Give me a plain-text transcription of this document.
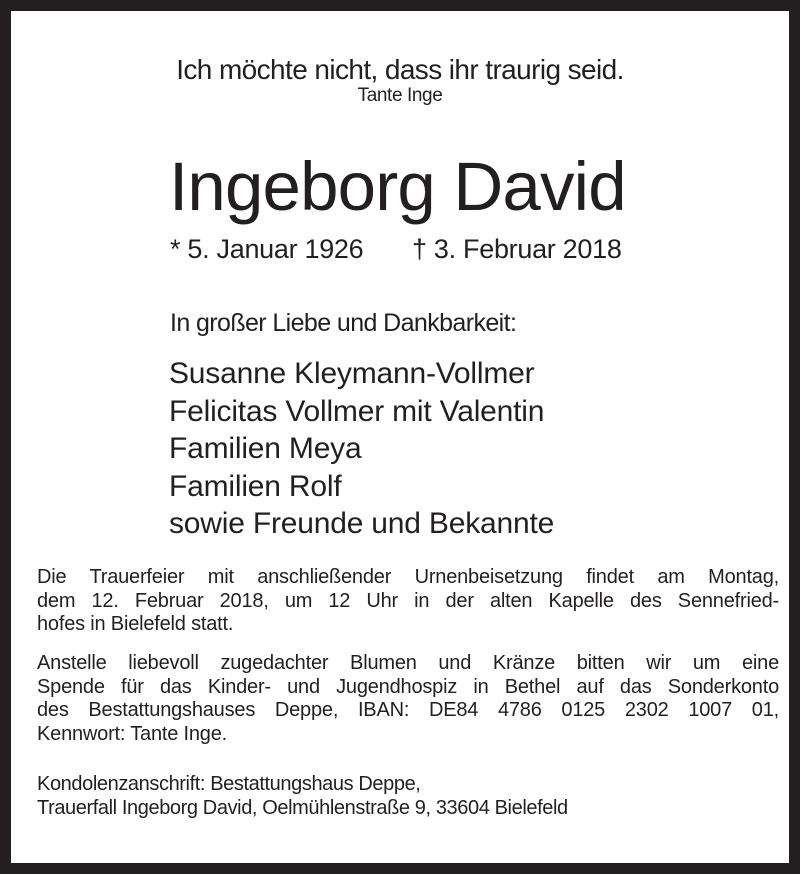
Ich möchte nicht, dass ihr traurig seid.
Tante Inge
Ingeborg David
* 5. Januar 1926 † 3. Februar 2018
In großer Liebe und Dankbarkeit:
Susanne Kleymann-Vollmer
Felicitas Vollmer mit Valentin
Familien Meya
Familien Rolf
sowie Freunde und Bekannte
Die Trauerfeier mit anschließender Urnenbeisetzung findet am Montag,
dem 12. Februar 2018, um 12 Uhr in der alten Kapelle des Sennefried-
hofes in Bielefeld statt.
Anstelle liebevoll zugedachter Blumen und Kränze bitten wir um eine
Spende für das Kinder- und Jugendhospiz in Bethel auf das Sonderkonto
des Bestattungshauses Deppe, IBAN: DE84 4786 0125 2302 1007 01,
Kennwort: Tante Inge.
Kondolenzanschrift: Bestattungshaus Deppe,
Trauerfall Ingeborg David, Oelmühlenstraße 9, 33604 Bielefeld
